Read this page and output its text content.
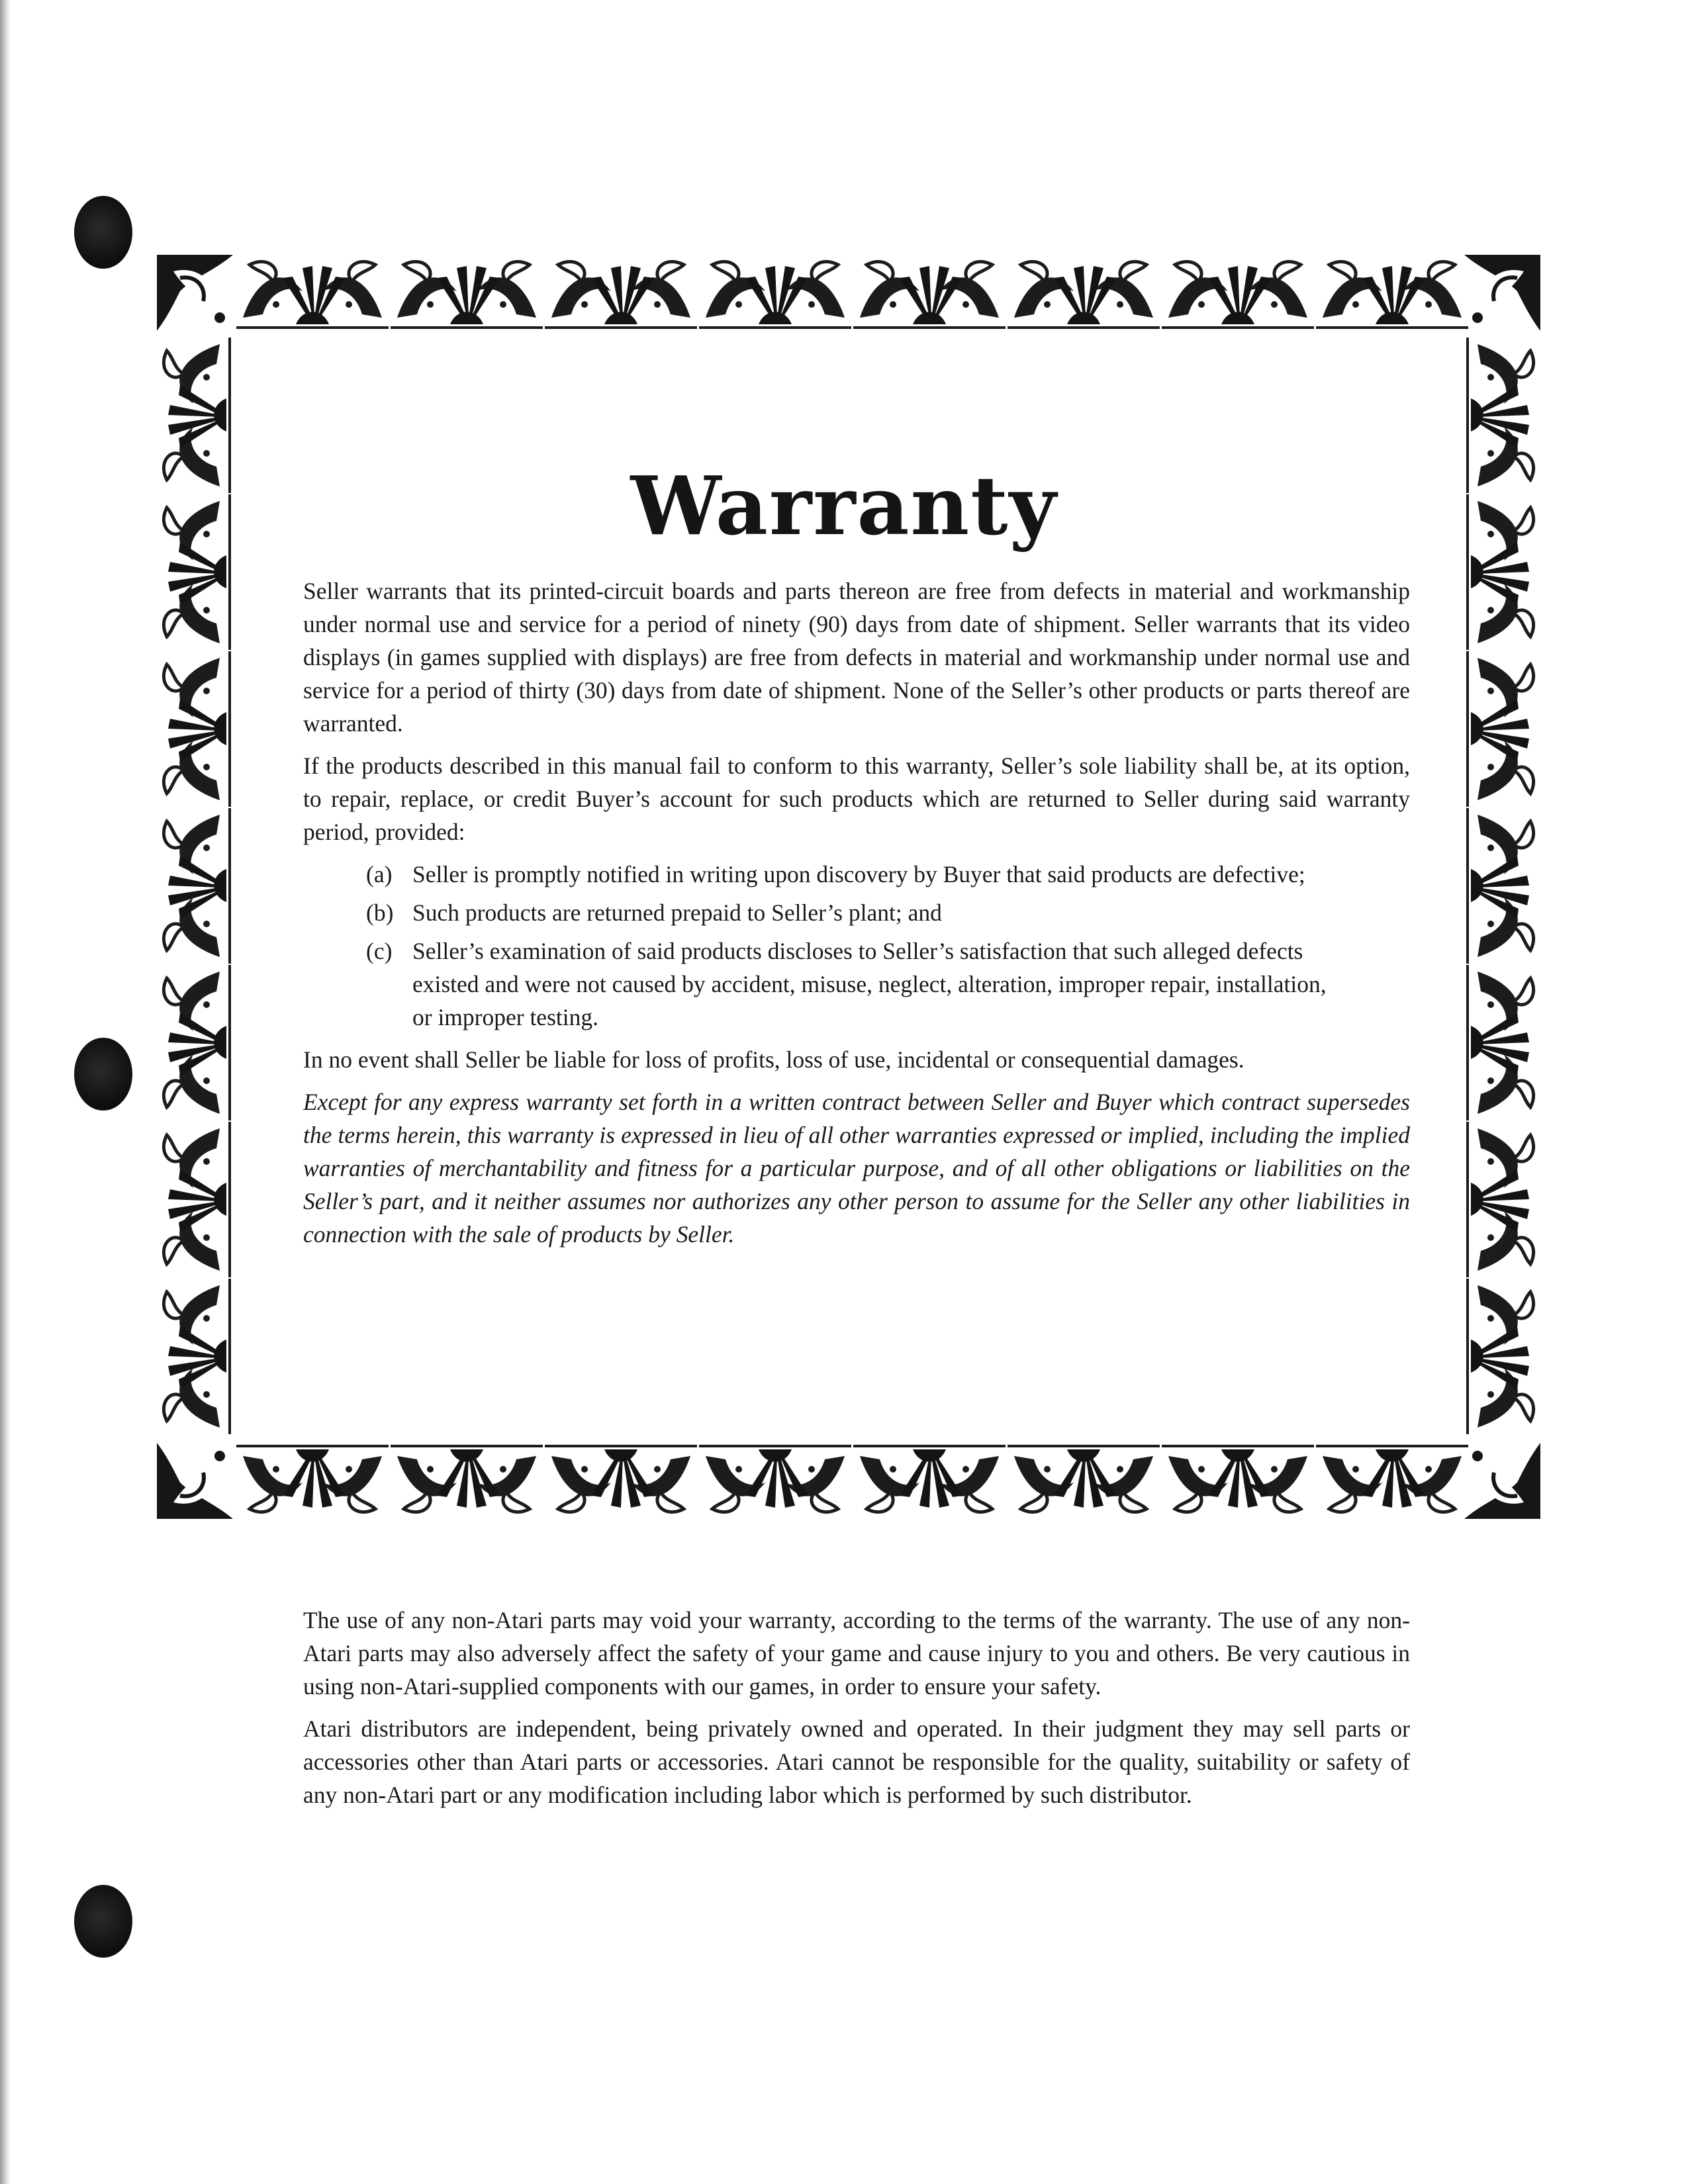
Warranty

Seller warrants that its printed-circuit boards and parts thereon are free from defects in material and workmanship under normal use and service for a period of ninety (90) days from date of shipment. Seller warrants that its video displays (in games supplied with displays) are free from defects in material and workmanship under normal use and service for a period of thirty (30) days from date of shipment. None of the Seller’s other products or parts thereof are warranted.

If the products described in this manual fail to conform to this warranty, Seller’s sole liability shall be, at its option, to repair, replace, or credit Buyer’s account for such products which are returned to Seller during said warranty period, provided:

(a) Seller is promptly notified in writing upon discovery by Buyer that said products are defective;
(b) Such products are returned prepaid to Seller’s plant; and
(c) Seller’s examination of said products discloses to Seller’s satisfaction that such alleged defects existed and were not caused by accident, misuse, neglect, alteration, improper repair, installation, or improper testing.

In no event shall Seller be liable for loss of profits, loss of use, incidental or consequential damages.

Except for any express warranty set forth in a written contract between Seller and Buyer which contract supersedes the terms herein, this warranty is expressed in lieu of all other warranties expressed or implied, including the implied warranties of merchantability and fitness for a particular purpose, and of all other obligations or liabilities on the Seller’s part, and it neither assumes nor authorizes any other person to assume for the Seller any other liabilities in connection with the sale of products by Seller.

The use of any non-Atari parts may void your warranty, according to the terms of the warranty. The use of any non-Atari parts may also adversely affect the safety of your game and cause injury to you and others. Be very cautious in using non-Atari-supplied components with our games, in order to ensure your safety.

Atari distributors are independent, being privately owned and operated. In their judgment they may sell parts or accessories other than Atari parts or accessories. Atari cannot be responsible for the quality, suitability or safety of any non-Atari part or any modification including labor which is performed by such distributor.
